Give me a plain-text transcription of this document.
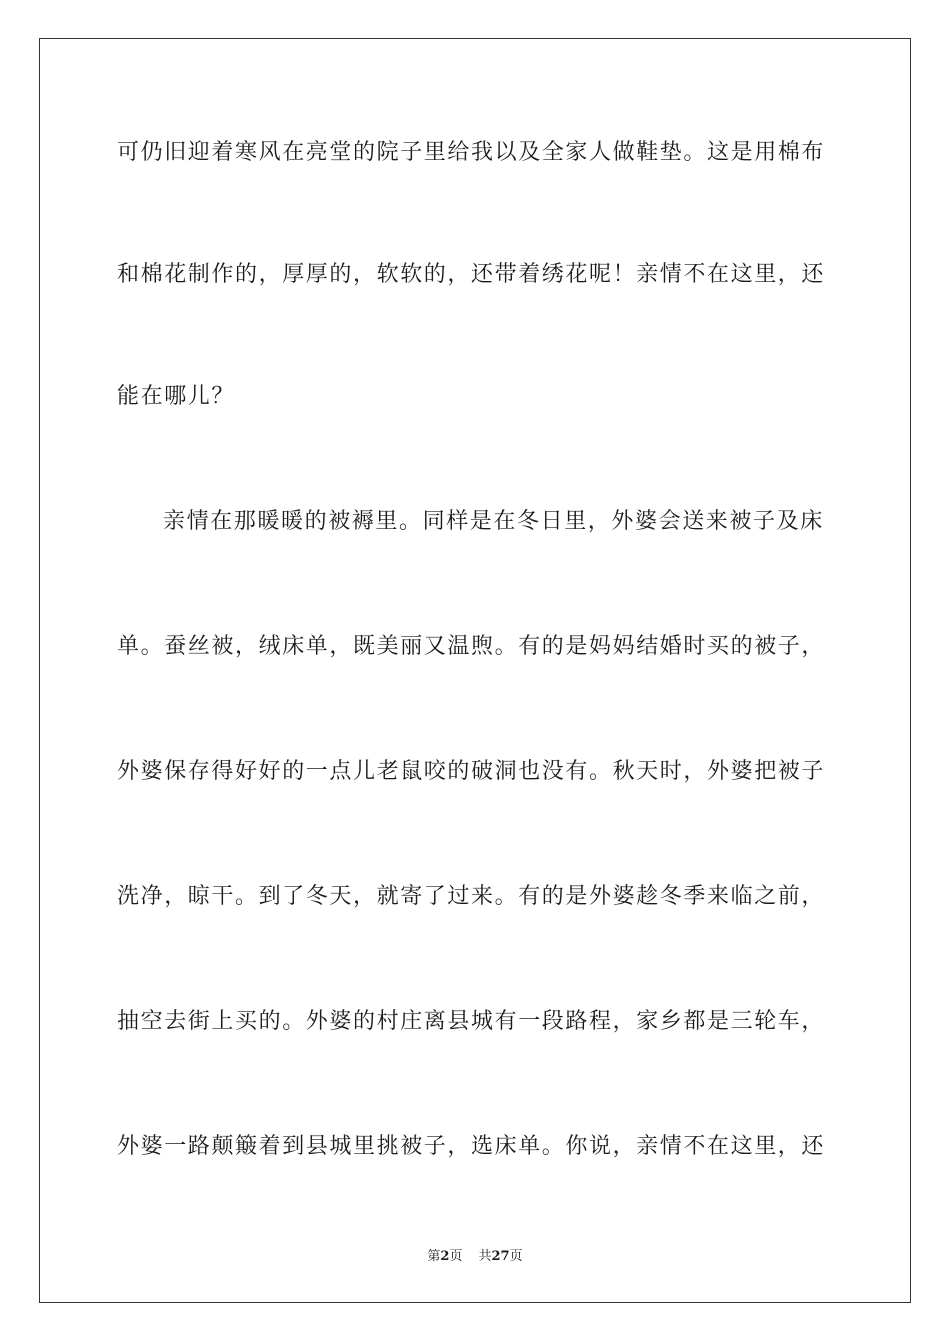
可仍旧迎着寒风在亮堂的院子里给我以及全家人做鞋垫。这是用棉布
和棉花制作的，厚厚的，软软的，还带着绣花呢！亲情不在这里，还
能在哪儿？
亲情在那暖暖的被褥里。同样是在冬日里，外婆会送来被子及床
单。蚕丝被，绒床单，既美丽又温煦。有的是妈妈结婚时买的被子，
外婆保存得好好的一点儿老鼠咬的破洞也没有。秋天时，外婆把被子
洗净，晾干。到了冬天，就寄了过来。有的是外婆趁冬季来临之前，
抽空去街上买的。外婆的村庄离县城有一段路程，家乡都是三轮车，
外婆一路颠簸着到县城里挑被子，选床单。你说，亲情不在这里，还
第2页 共27页
